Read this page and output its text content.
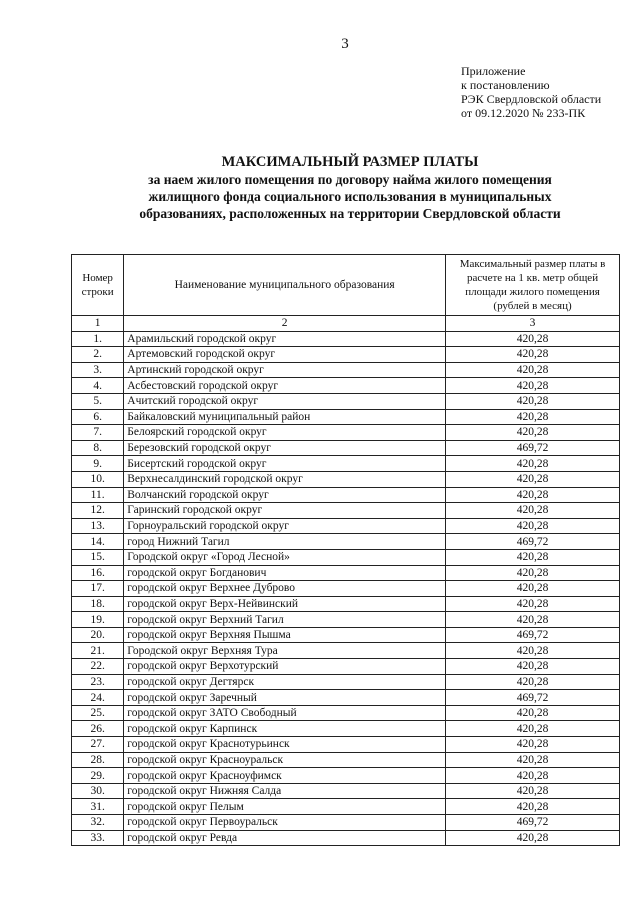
3
Приложение
к постановлению
РЭК Свердловской области
от 09.12.2020 № 233-ПК
МАКСИМАЛЬНЫЙ РАЗМЕР ПЛАТЫ
за наем жилого помещения по договору найма жилого помещения
жилищного фонда социального использования в муниципальных
образованиях, расположенных на территории Свердловской области
Номер строки	Наименование муниципального образования	Максимальный размер платы в расчете на 1 кв. метр общей площади жилого помещения (рублей в месяц)
1	2	3
1.	Арамильский городской округ	420,28
2.	Артемовский городской округ	420,28
3.	Артинский городской округ	420,28
4.	Асбестовский городской округ	420,28
5.	Ачитский городской округ	420,28
6.	Байкаловский муниципальный район	420,28
7.	Белоярский городской округ	420,28
8.	Березовский городской округ	469,72
9.	Бисертский городской округ	420,28
10.	Верхнесалдинский городской округ	420,28
11.	Волчанский городской округ	420,28
12.	Гаринский городской округ	420,28
13.	Горноуральский городской округ	420,28
14.	город Нижний Тагил	469,72
15.	Городской округ «Город Лесной»	420,28
16.	городской округ Богданович	420,28
17.	городской округ Верхнее Дуброво	420,28
18.	городской округ Верх-Нейвинский	420,28
19.	городской округ Верхний Тагил	420,28
20.	городской округ Верхняя Пышма	469,72
21.	Городской округ Верхняя Тура	420,28
22.	городской округ Верхотурский	420,28
23.	городской округ Дегтярск	420,28
24.	городской округ Заречный	469,72
25.	городской округ ЗАТО Свободный	420,28
26.	городской округ Карпинск	420,28
27.	городской округ Краснотурьинск	420,28
28.	городской округ Красноуральск	420,28
29.	городской округ Красноуфимск	420,28
30.	городской округ Нижняя Салда	420,28
31.	городской округ Пелым	420,28
32.	городской округ Первоуральск	469,72
33.	городской округ Ревда	420,28
